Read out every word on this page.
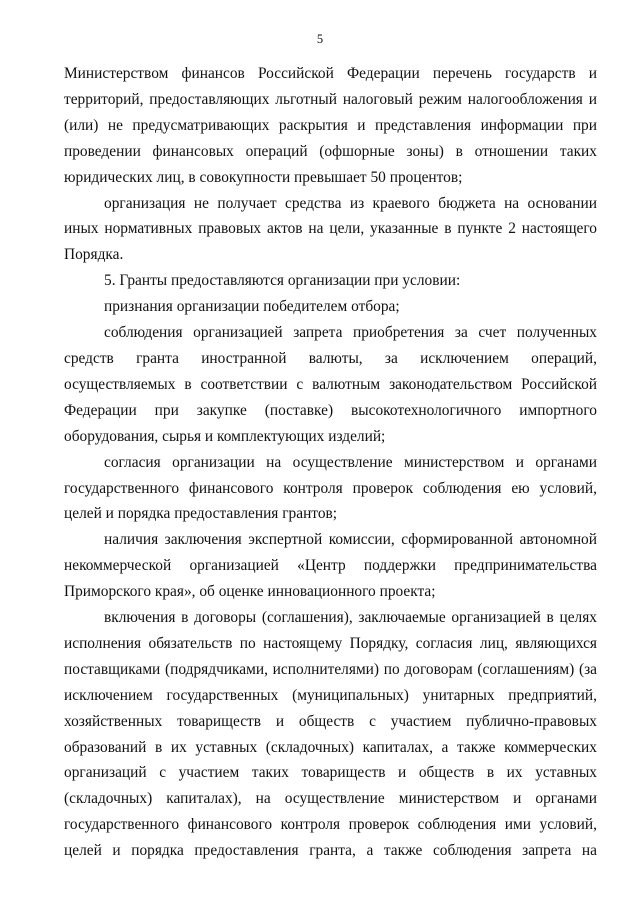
5

Министерством финансов Российской Федерации перечень государств и территорий, предоставляющих льготный налоговый режим налогообложения и (или) не предусматривающих раскрытия и представления информации при проведении финансовых операций (офшорные зоны) в отношении таких юридических лиц, в совокупности превышает 50 процентов;

организация не получает средства из краевого бюджета на основании иных нормативных правовых актов на цели, указанные в пункте 2 настоящего Порядка.

5. Гранты предоставляются организации при условии:

признания организации победителем отбора;

соблюдения организацией запрета приобретения за счет полученных средств гранта иностранной валюты, за исключением операций, осуществляемых в соответствии с валютным законодательством Российской Федерации при закупке (поставке) высокотехнологичного импортного оборудования, сырья и комплектующих изделий;

согласия организации на осуществление министерством и органами государственного финансового контроля проверок соблюдения ею условий, целей и порядка предоставления грантов;

наличия заключения экспертной комиссии, сформированной автономной некоммерческой организацией «Центр поддержки предпринимательства Приморского края», об оценке инновационного проекта;

включения в договоры (соглашения), заключаемые организацией в целях исполнения обязательств по настоящему Порядку, согласия лиц, являющихся поставщиками (подрядчиками, исполнителями) по договорам (соглашениям) (за исключением государственных (муниципальных) унитарных предприятий, хозяйственных товариществ и обществ с участием публично-правовых образований в их уставных (складочных) капиталах, а также коммерческих организаций с участием таких товариществ и обществ в их уставных (складочных) капиталах), на осуществление министерством и органами государственного финансового контроля проверок соблюдения ими условий, целей и порядка предоставления гранта, а также соблюдения запрета на
